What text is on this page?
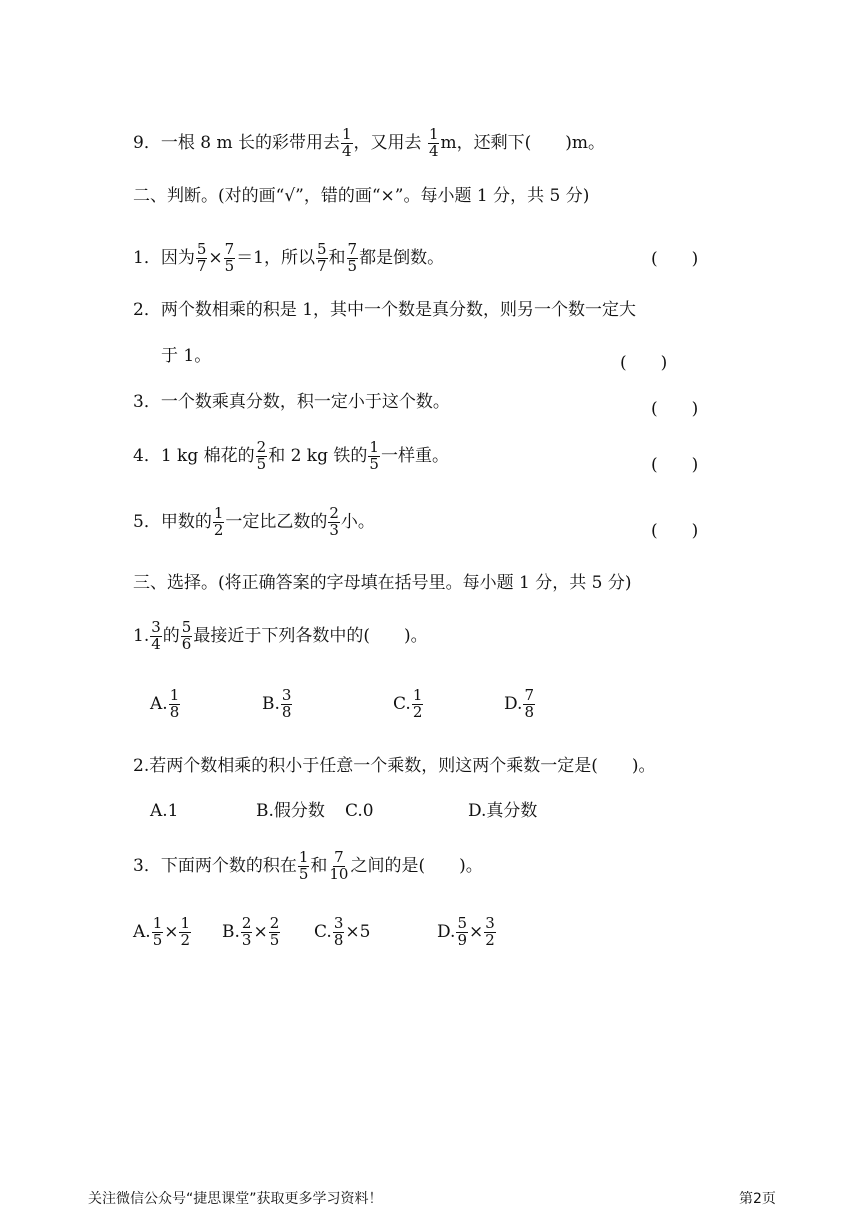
9．一根 8 m 长的彩带用去 $\frac{1}{4}$ ，又用去 $\frac{1}{4}$ m，还剩下(　　)m。
二、判断。(对的画“√”，错的画“×”。每小题 1 分，共 5 分)
1．因为 $\frac{5}{7} \times \frac{7}{5} =1$，所以 $\frac{5}{7}$ 和 $\frac{7}{5}$ 都是倒数。	(　　)
2．两个数相乘的积是 1，其中一个数是真分数，则另一个数一定大
于 1。	(　　)
3．一个数乘真分数，积一定小于这个数。	(　　)
4．1 kg 棉花的 $\frac{2}{5}$ 和 2 kg 铁的 $\frac{1}{5}$ 一样重。	(　　)
5．甲数的 $\frac{1}{2}$ 一定比乙数的 $\frac{2}{3}$ 小。	(　　)
三、选择。(将正确答案的字母填在括号里。每小题 1 分，共 5 分)
1. $\frac{3}{4}$ 的 $\frac{5}{6}$ 最接近于下列各数中的(　　)。
A. $\frac{1}{8}$	B. $\frac{3}{8}$	C. $\frac{1}{2}$	D. $\frac{7}{8}$
2.若两个数相乘的积小于任意一个乘数，则这两个乘数一定是(　　)。
A.1	B.假分数 C.0	D.真分数
3．下面两个数的积在 $\frac{1}{5}$ 和 $\frac{7}{10}$ 之间的是(　　)。
A. $\frac{1}{5} \times \frac{1}{2} B$. $\frac{2}{3} \times \frac{2}{5} C$. $\frac{3}{8} \times 5$	D. $\frac{5}{9} \times \frac{3}{2}$
关注微信公众号“捷思课堂”获取更多学习资料！	第2页
